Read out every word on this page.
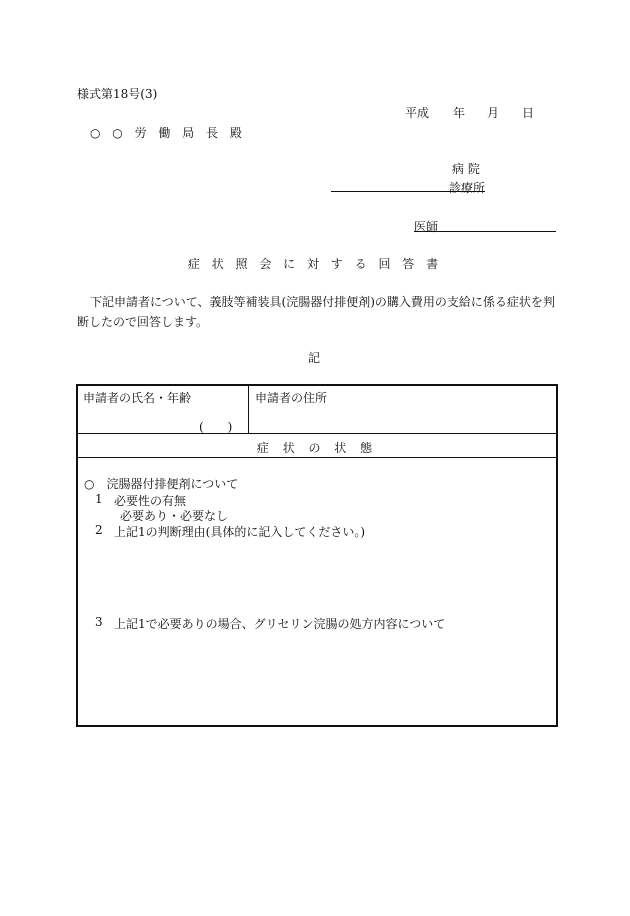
様式第18号(3)
平成 年 月 日
○ ○ 労 働 局 長 殿
病 院
診療所
医師
症 状 照 会 に 対 す る 回 答 書
下記申請者について、義肢等補装具(浣腸器付排便剤)の購入費用の支給に係る症状を判
断したので回答します。
記
申請者の氏名・年齢
(　　)
申請者の住所
症 状 の 状 態
○　浣腸器付排便剤について
1 必要性の有無
必要あり・必要なし
2 上記1の判断理由(具体的に記入してください。)
3 上記1で必要ありの場合、グリセリン浣腸の処方内容について
